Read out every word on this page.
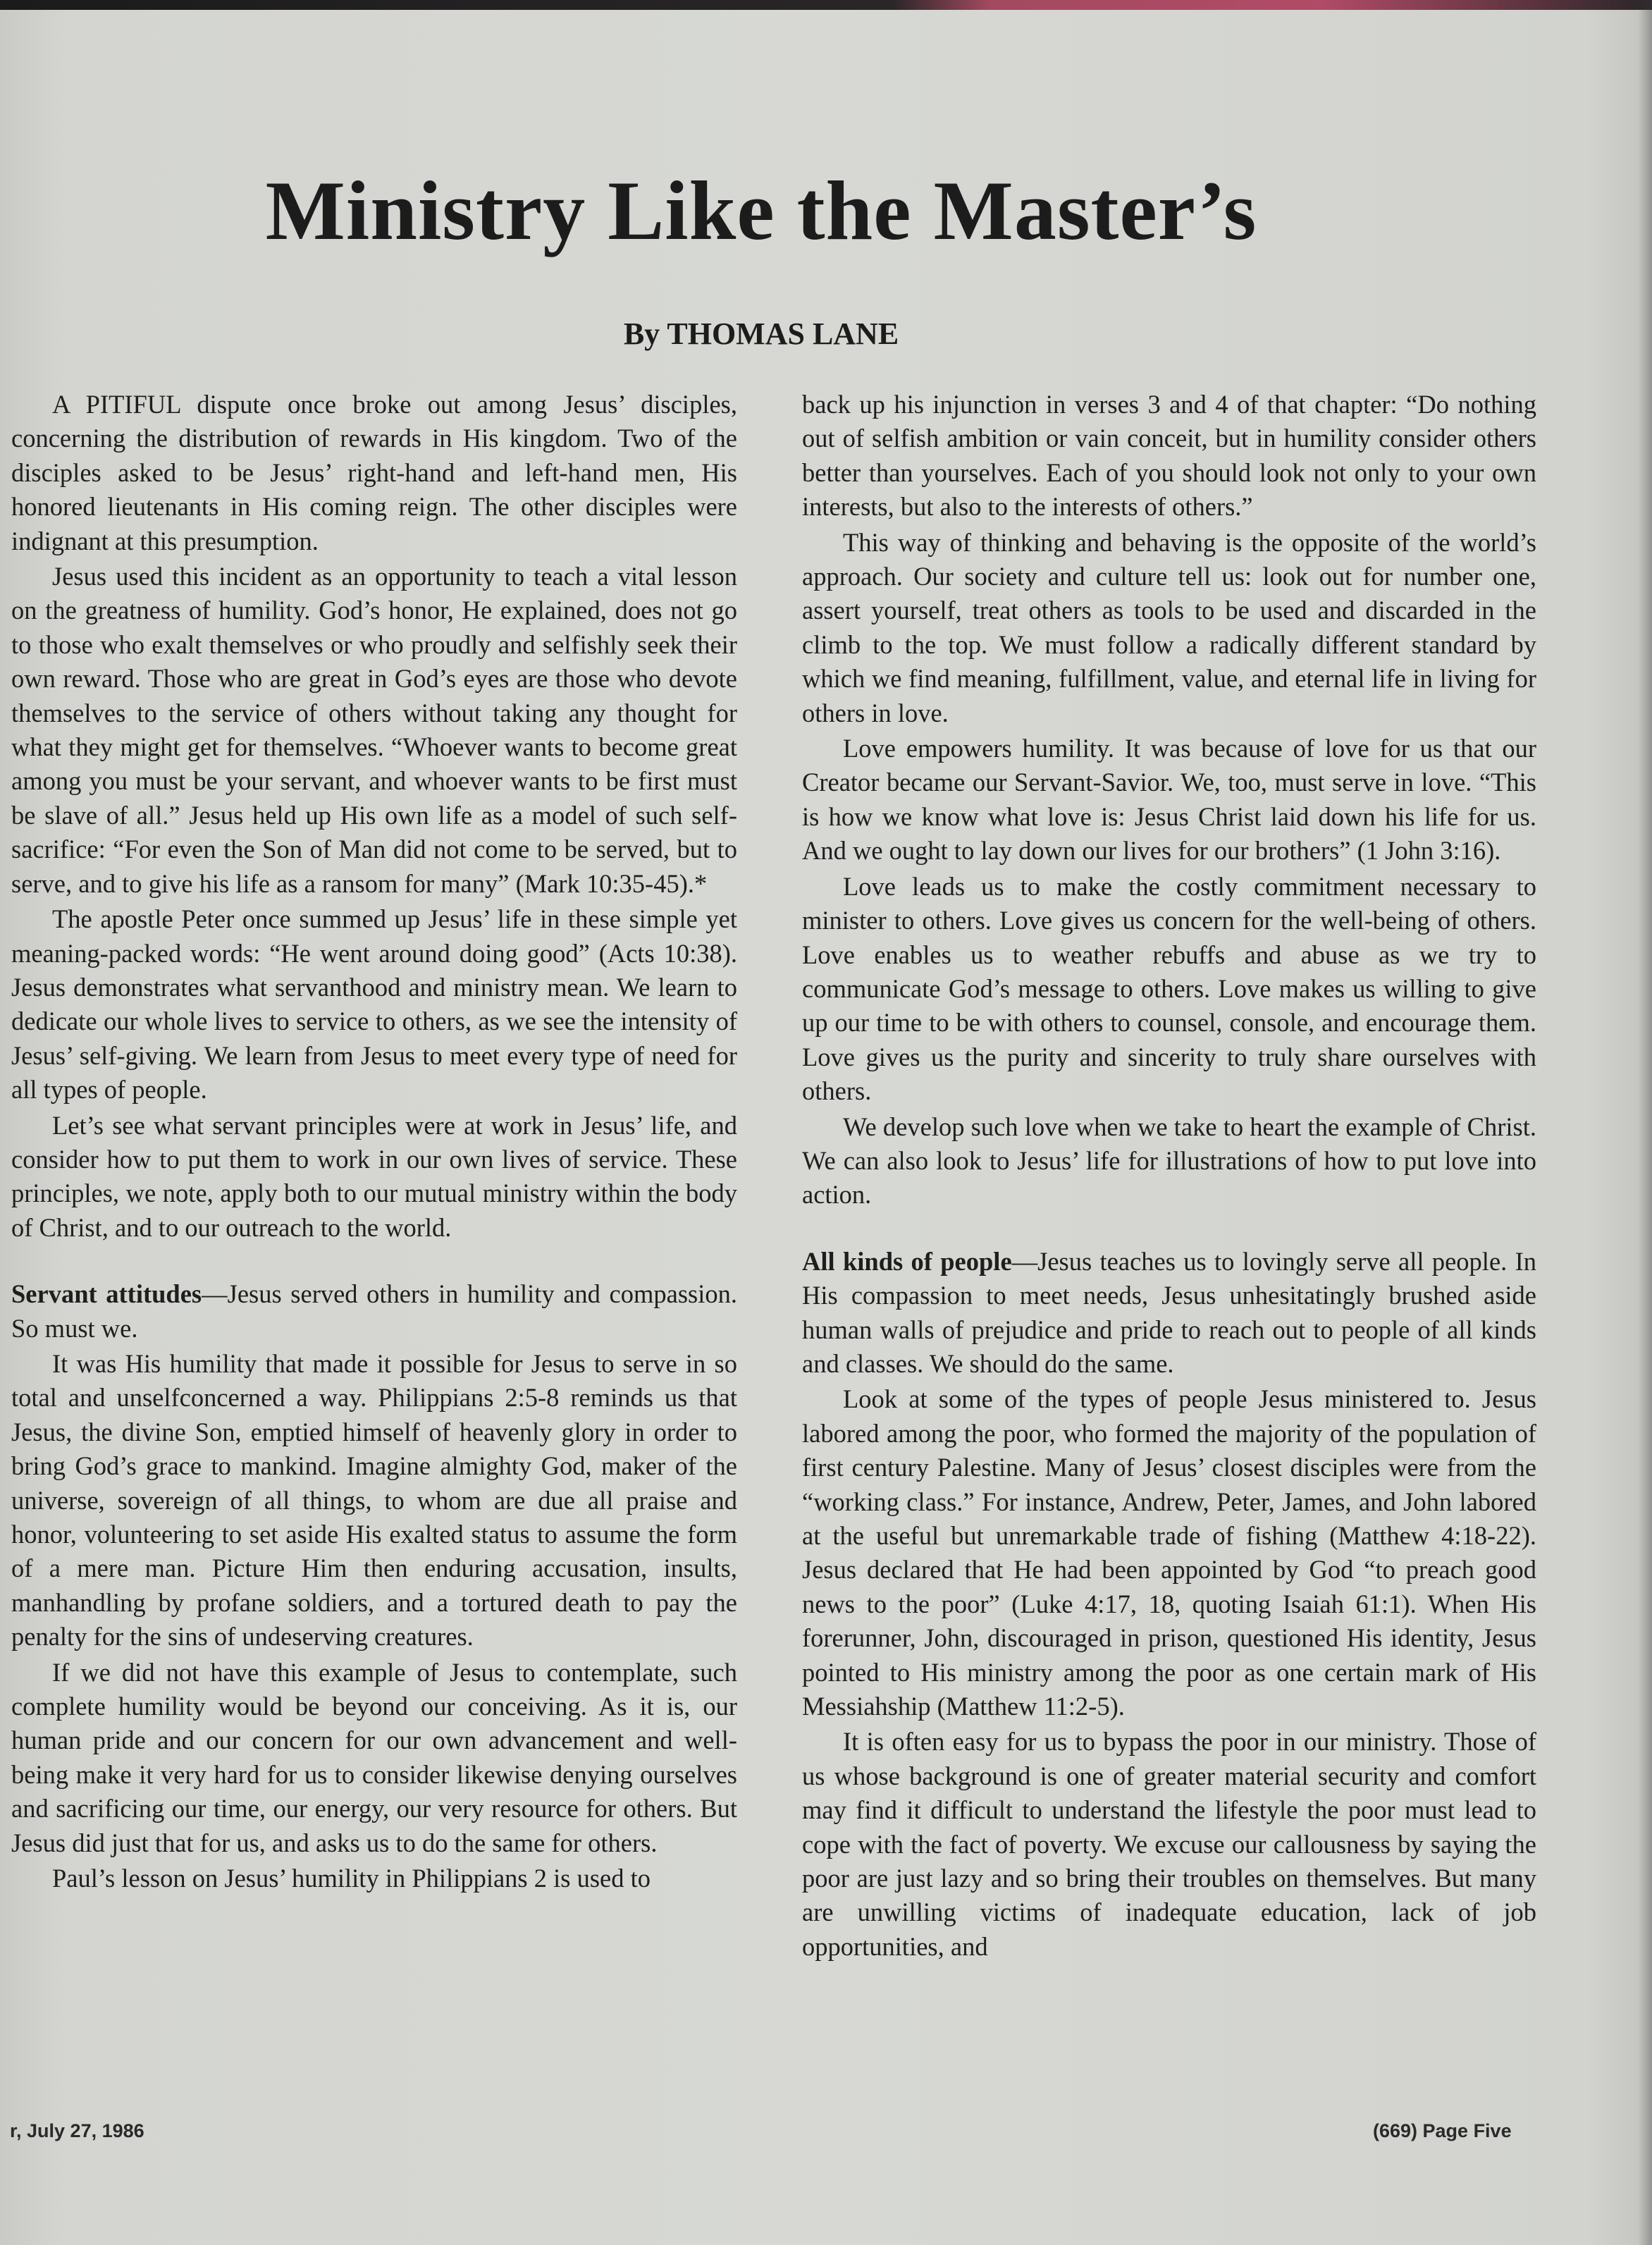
Ministry Like the Master’s
By THOMAS LANE

A PITIFUL dispute once broke out among Jesus’ disciples, concerning the distribution of rewards in His kingdom. Two of the disciples asked to be Jesus’ right-hand and left-hand men, His honored lieutenants in His coming reign. The other disciples were indignant at this presumption.

Jesus used this incident as an opportunity to teach a vital lesson on the greatness of humility. God’s honor, He explained, does not go to those who exalt themselves or who proudly and selfishly seek their own reward. Those who are great in God’s eyes are those who devote themselves to the service of others without taking any thought for what they might get for themselves. “Whoever wants to become great among you must be your servant, and whoever wants to be first must be slave of all.” Jesus held up His own life as a model of such self-sacrifice: “For even the Son of Man did not come to be served, but to serve, and to give his life as a ransom for many” (Mark 10:35-45).*

The apostle Peter once summed up Jesus’ life in these simple yet meaning-packed words: “He went around doing good” (Acts 10:38). Jesus demonstrates what servanthood and ministry mean. We learn to dedicate our whole lives to service to others, as we see the intensity of Jesus’ self-giving. We learn from Jesus to meet every type of need for all types of people.

Let’s see what servant principles were at work in Jesus’ life, and consider how to put them to work in our own lives of service. These principles, we note, apply both to our mutual ministry within the body of Christ, and to our outreach to the world.

Servant attitudes—Jesus served others in humility and compassion. So must we.

It was His humility that made it possible for Jesus to serve in so total and unselfconcerned a way. Philippians 2:5-8 reminds us that Jesus, the divine Son, emptied himself of heavenly glory in order to bring God’s grace to mankind. Imagine almighty God, maker of the universe, sovereign of all things, to whom are due all praise and honor, volunteering to set aside His exalted status to assume the form of a mere man. Picture Him then enduring accusation, insults, manhandling by profane soldiers, and a tortured death to pay the penalty for the sins of undeserving creatures.

If we did not have this example of Jesus to contemplate, such complete humility would be beyond our conceiving. As it is, our human pride and our concern for our own advancement and well-being make it very hard for us to consider likewise denying ourselves and sacrificing our time, our energy, our very resource for others. But Jesus did just that for us, and asks us to do the same for others.

Paul’s lesson on Jesus’ humility in Philippians 2 is used to

back up his injunction in verses 3 and 4 of that chapter: “Do nothing out of selfish ambition or vain conceit, but in humility consider others better than yourselves. Each of you should look not only to your own interests, but also to the interests of others.”

This way of thinking and behaving is the opposite of the world’s approach. Our society and culture tell us: look out for number one, assert yourself, treat others as tools to be used and discarded in the climb to the top. We must follow a radically different standard by which we find meaning, fulfillment, value, and eternal life in living for others in love.

Love empowers humility. It was because of love for us that our Creator became our Servant-Savior. We, too, must serve in love. “This is how we know what love is: Jesus Christ laid down his life for us. And we ought to lay down our lives for our brothers” (1 John 3:16).

Love leads us to make the costly commitment necessary to minister to others. Love gives us concern for the well-being of others. Love enables us to weather rebuffs and abuse as we try to communicate God’s message to others. Love makes us willing to give up our time to be with others to counsel, console, and encourage them. Love gives us the purity and sincerity to truly share ourselves with others.

We develop such love when we take to heart the example of Christ. We can also look to Jesus’ life for illustrations of how to put love into action.

All kinds of people—Jesus teaches us to lovingly serve all people. In His compassion to meet needs, Jesus unhesitatingly brushed aside human walls of prejudice and pride to reach out to people of all kinds and classes. We should do the same.

Look at some of the types of people Jesus ministered to. Jesus labored among the poor, who formed the majority of the population of first century Palestine. Many of Jesus’ closest disciples were from the “working class.” For instance, Andrew, Peter, James, and John labored at the useful but unremarkable trade of fishing (Matthew 4:18-22). Jesus declared that He had been appointed by God “to preach good news to the poor” (Luke 4:17, 18, quoting Isaiah 61:1). When His forerunner, John, discouraged in prison, questioned His identity, Jesus pointed to His ministry among the poor as one certain mark of His Messiahship (Matthew 11:2-5).

It is often easy for us to bypass the poor in our ministry. Those of us whose background is one of greater material security and comfort may find it difficult to understand the lifestyle the poor must lead to cope with the fact of poverty. We excuse our callousness by saying the poor are just lazy and so bring their troubles on themselves. But many are unwilling victims of inadequate education, lack of job opportunities, and

r, July 27, 1986	(669) Page Five
